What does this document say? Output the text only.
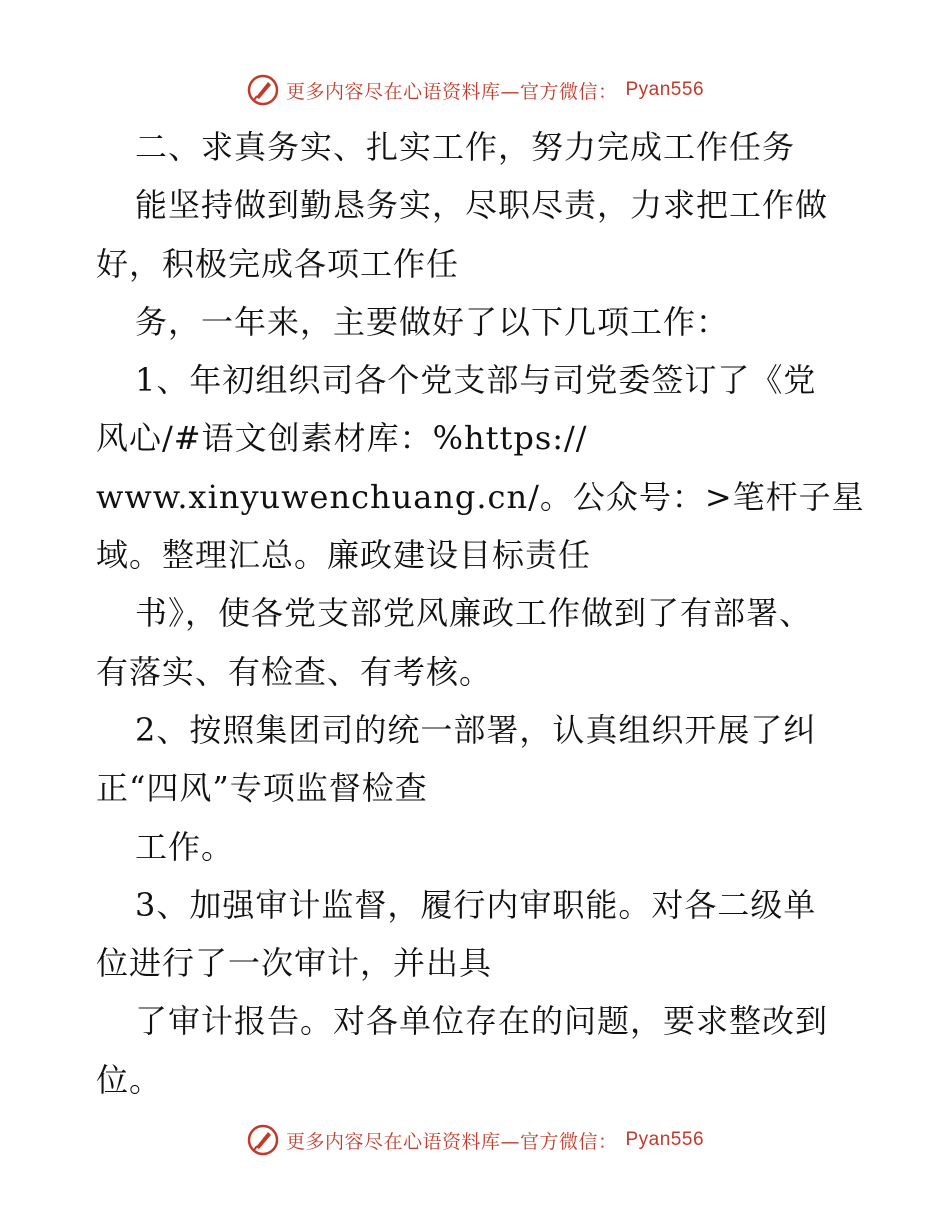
更多内容尽在心语资料库—官方微信： Pyan556
二、求真务实、扎实工作，努力完成工作任务
能坚持做到勤恳务实，尽职尽责，力求把工作做
好，积极完成各项工作任
务，一年来，主要做好了以下几项工作：
1、年初组织司各个党支部与司党委签订了《党
风心/#语文创素材库：%https://
www.xinyuwenchuang.cn/。公众号：>笔杆子星
域。整理汇总。廉政建设目标责任
书》，使各党支部党风廉政工作做到了有部署、
有落实、有检查、有考核。
2、按照集团司的统一部署，认真组织开展了纠
正“四风”专项监督检查
工作。
3、加强审计监督，履行内审职能。对各二级单
位进行了一次审计，并出具
了审计报告。对各单位存在的问题，要求整改到
位。
更多内容尽在心语资料库—官方微信： Pyan556
